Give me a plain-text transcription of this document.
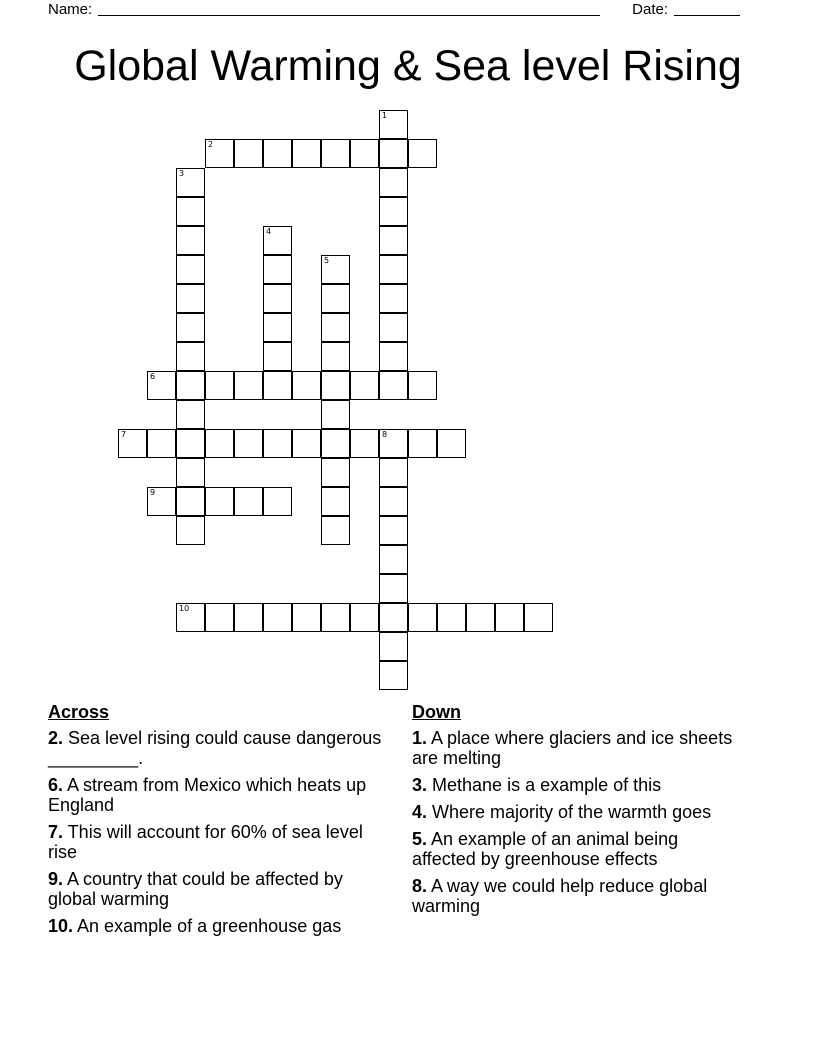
Name:	Date:
Global Warming & Sea level Rising
1
2
3
4
5
6
7	8
9
10
Across
2. Sea level rising could cause dangerous _________.
6. A stream from Mexico which heats up England
7. This will account for 60% of sea level rise
9. A country that could be affected by global warming
10. An example of a greenhouse gas
Down
1. A place where glaciers and ice sheets are melting
3. Methane is a example of this
4. Where majority of the warmth goes
5. An example of an animal being affected by greenhouse effects
8. A way we could help reduce global warming
